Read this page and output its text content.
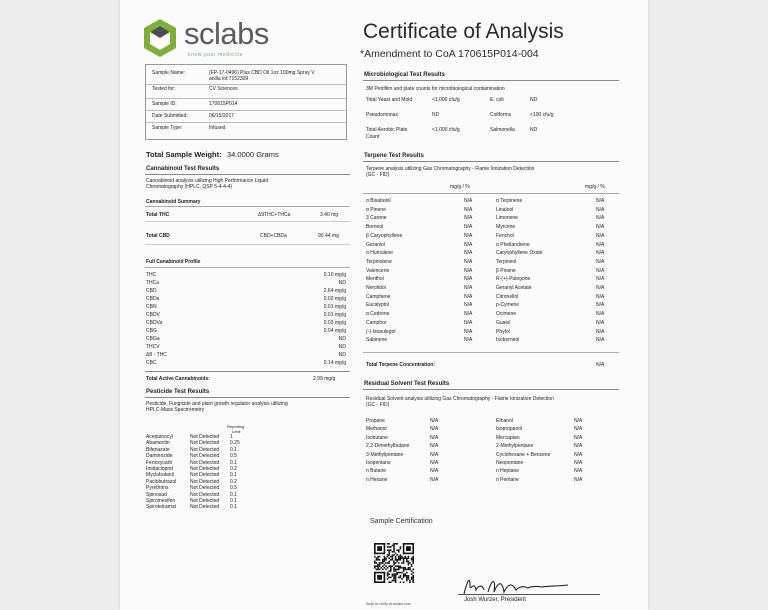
sclabs
know your medicine
Certificate of Analysis
*Amendment to CoA 170615P014-004
Sample Name:	(FP-17-0496) Plus CBD Oil 1oz 100mg Spray V
anilla lot:7152309
Tested for:	CV Sciences
Sample ID:	170615P014
Date Submitted:	06/15/2017
Sample Type:	Infused
Total Sample Weight: 34.0000 Grams
Cannabinoid Test Results
Cannabinoid analysis utilizing High Performance Liquid
Chromatography (HPLC, QSP 5-4-4-4)
Cannabinoid Summary
Total THC	Δ9THC+THCa	3.40 mg
Total CBD	CBD+CBDa	90.44 mg
Full Canabinoid Profile
THC	0.10 mg/g
THCa	ND
CBD	2.64 mg/g
CBDa	0.02 mg/g
CBN	0.01 mg/g
CBDV	0.01 mg/g
CBDVa	0.03 mg/g
CBG	0.04 mg/g
CBGa	ND
THCV	ND
Δ8 - THC	ND
CBC	0.14 mg/g
Total Active Cannabinoids:	2.99 mg/g
Pesticide Test Results
Pesticide, Fungicide and plant growth regulator analysis utilizing
HPLC-Mass Spectrometry
Reporting
Limit
Acequinocyl	Not Detected 1
Abamectin	Not Detected 0.25
Bifenazate	Not Detected 0.1
Daminozide	Not Detected 0.5
Fenoxycarb	Not Detected 0.1
Imidacloprid	Not Detected 0.2
Myclobutanil	Not Detected 0.1
Paclobutrazol	Not Detected 0.2
Pyrethrins	Not Detected 0.5
Spinosad	Not Detected 0.1
Spiromesifen	Not Detected 0.1
Spirotetramat	Not Detected 0.1
Microbiological Test Results
3M Petrifilm and plate counts for microbiological contamination
Total Yeast and Mold	<1,000 cfu/g	E. coli	ND
Pseudomonas	ND	Coliforms	<100 cfu/g
Total Aerobic Plate	<1,000 cfu/g	Salmonella	ND
Count
Terpene Test Results
Terpene analysis utilizing Gas Chromatography - Flame Ionization Detection
(GC - FID)
mg/g / %	mg/g / %
α Bisabolol	N/A	α Terpinene	N/A
α Pinene	N/A	Linalool	N/A
3 Carene	N/A	Limonene	N/A
Borneol	N/A	Myrcene	N/A
β Caryophyllene	N/A	Fenchol	N/A
Geraniol	N/A	α Phellandrene	N/A
α Humulene	N/A	Caryophyllene Oxide	N/A
Terpinolene	N/A	Terpineol	N/A
Valencene	N/A	β Pinene	N/A
Menthol	N/A	R-(+)-Pulegone	N/A
Nerolidol	N/A	Geranyl Acetate	N/A
Camphene	N/A	Citronellol	N/A
Eucalyptol	N/A	p-Cymene	N/A
α Cedrene	N/A	Ocimene	N/A
Camphor	N/A	Guaiol	N/A
(-)-Isopulegol	N/A	Phytol	N/A
Sabinene	N/A	Isoborneol	N/A
Total Terpene Concentration:	N/A
Residual Solvent Test Results
Residual Solvent analysis utilizing Gas Chromatography - Flame Ionization Detection
(GC - FID)
Propane	N/A	Ethanol	N/A
Methanol	N/A	Isopropanol	N/A
Isobutane	N/A	Mercaptan	N/A
2,2-Dimethylbutane	N/A	2-Methylpentane	N/A
3-Methylpentane	N/A	Cyclohexane + Benzene	N/A
Isopentane	N/A	Neopentane	N/A
n Butane	N/A	n Heptane	N/A
n Hexane	N/A	n Pentane	N/A
Sample Certification
Scan to verify at sclabs.com
Josh Wurzer, President
